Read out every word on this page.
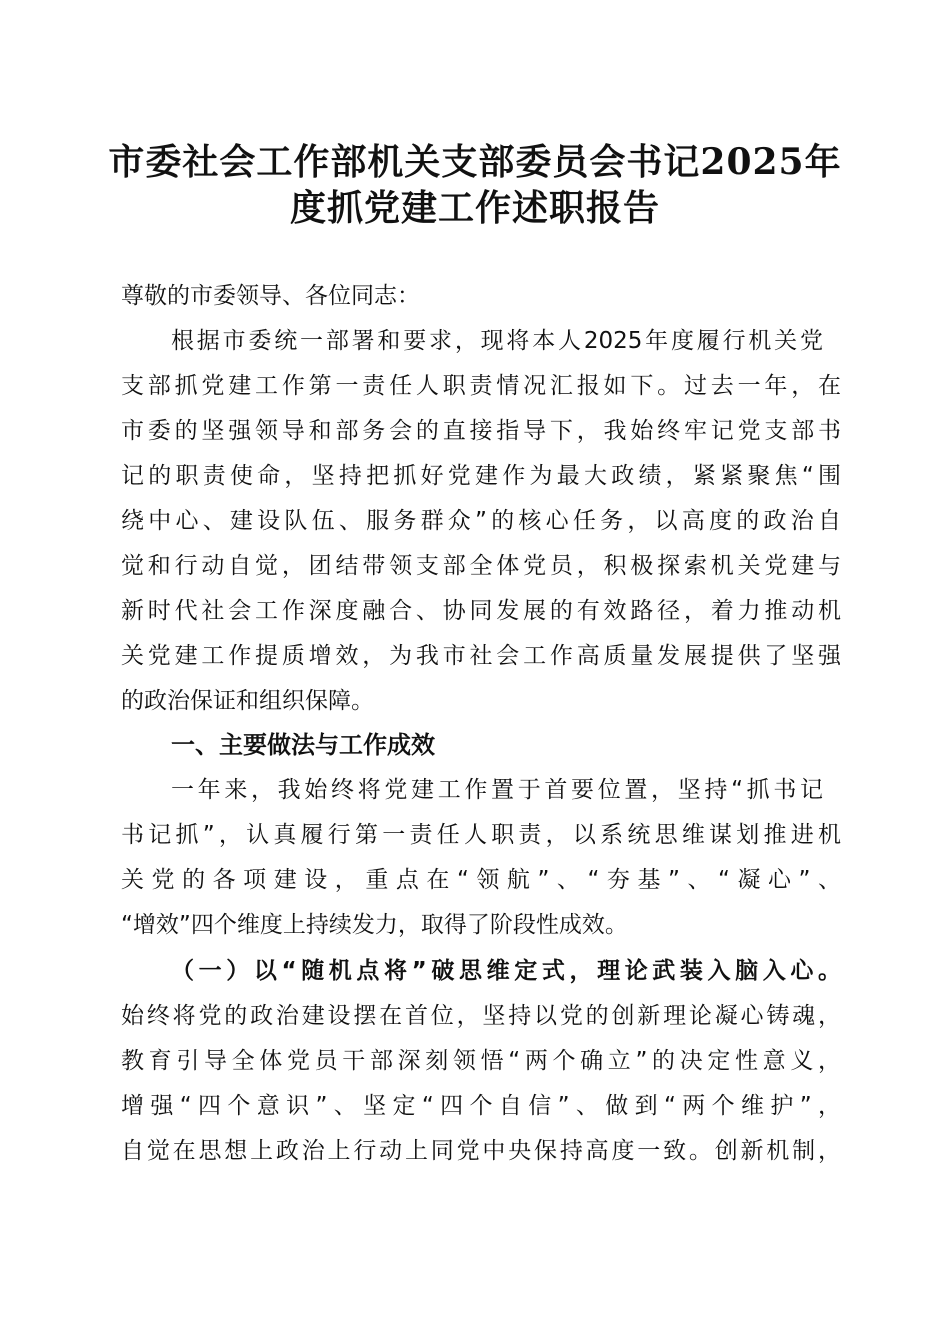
市委社会工作部机关支部委员会书记2025年
度抓党建工作述职报告
尊敬的市委领导、各位同志：
根据市委统一部署和要求，现将本人2025年度履行机关党
支部抓党建工作第一责任人职责情况汇报如下。过去一年，在
市委的坚强领导和部务会的直接指导下，我始终牢记党支部书
记的职责使命，坚持把抓好党建作为最大政绩，紧紧聚焦“围
绕中心、建设队伍、服务群众”的核心任务，以高度的政治自
觉和行动自觉，团结带领支部全体党员，积极探索机关党建与
新时代社会工作深度融合、协同发展的有效路径，着力推动机
关党建工作提质增效，为我市社会工作高质量发展提供了坚强
的政治保证和组织保障。
一、主要做法与工作成效
一年来，我始终将党建工作置于首要位置，坚持“抓书记
书记抓”，认真履行第一责任人职责，以系统思维谋划推进机
关党的各项建设，重点在“领航”、“夯基”、“凝心”、
“增效”四个维度上持续发力，取得了阶段性成效。
（一）以“随机点将”破思维定式，理论武装入脑入心。
始终将党的政治建设摆在首位，坚持以党的创新理论凝心铸魂，
教育引导全体党员干部深刻领悟“两个确立”的决定性意义，
增强“四个意识”、坚定“四个自信”、做到“两个维护”，
自觉在思想上政治上行动上同党中央保持高度一致。创新机制，
